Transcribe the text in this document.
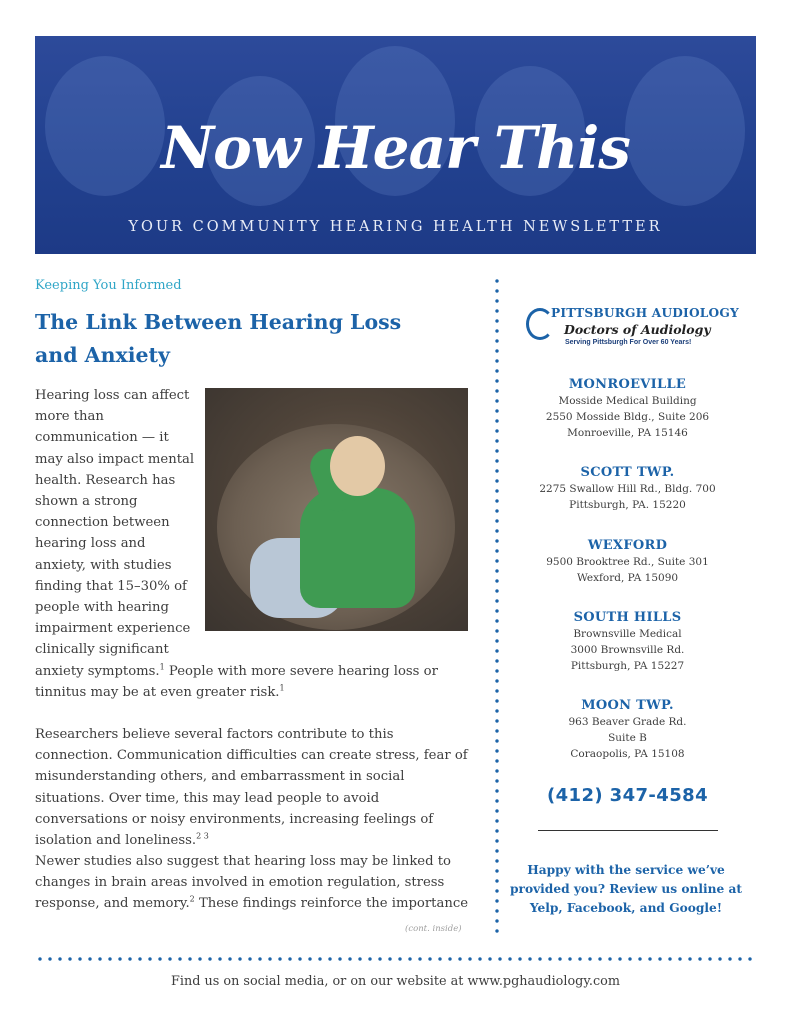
Now Hear This
YOUR COMMUNITY HEARING HEALTH NEWSLETTER
Keeping You Informed
The Link Between Hearing Loss
and Anxiety
Hearing loss can affect more than communication — it may also impact mental health. Research has shown a strong connection between hearing loss and anxiety, with studies finding that 15–30% of people with hearing impairment experience clinically significant anxiety symptoms.$^1$ People with more severe hearing loss or tinnitus may be at even greater risk.$^1$
Researchers believe several factors contribute to this connection. Communication difficulties can create stress, fear of misunderstanding others, and embarrassment in social situations. Over time, this may lead people to avoid conversations or noisy environments, increasing feelings of isolation and loneliness.$^{2 3}$
Newer studies also suggest that hearing loss may be linked to changes in brain areas involved in emotion regulation, stress response, and memory.$^2$ These findings reinforce the importance
(cont. inside)
PITTSBURGH AUDIOLOGY
Doctors of Audiology
Serving Pittsburgh For Over 60 Years!
MONROEVILLE
Mosside Medical Building
2550 Mosside Bldg., Suite 206
Monroeville, PA 15146
SCOTT TWP.
2275 Swallow Hill Rd., Bldg. 700
Pittsburgh, PA. 15220
WEXFORD
9500 Brooktree Rd., Suite 301
Wexford, PA 15090
SOUTH HILLS
Brownsville Medical
3000 Brownsville Rd.
Pittsburgh, PA 15227
MOON TWP.
963 Beaver Grade Rd.
Suite B
Coraopolis, PA 15108
(412) 347-4584
Happy with the service we’ve
provided you? Review us online at
Yelp, Facebook, and Google!
Find us on social media, or on our website at www.pghaudiology.com
